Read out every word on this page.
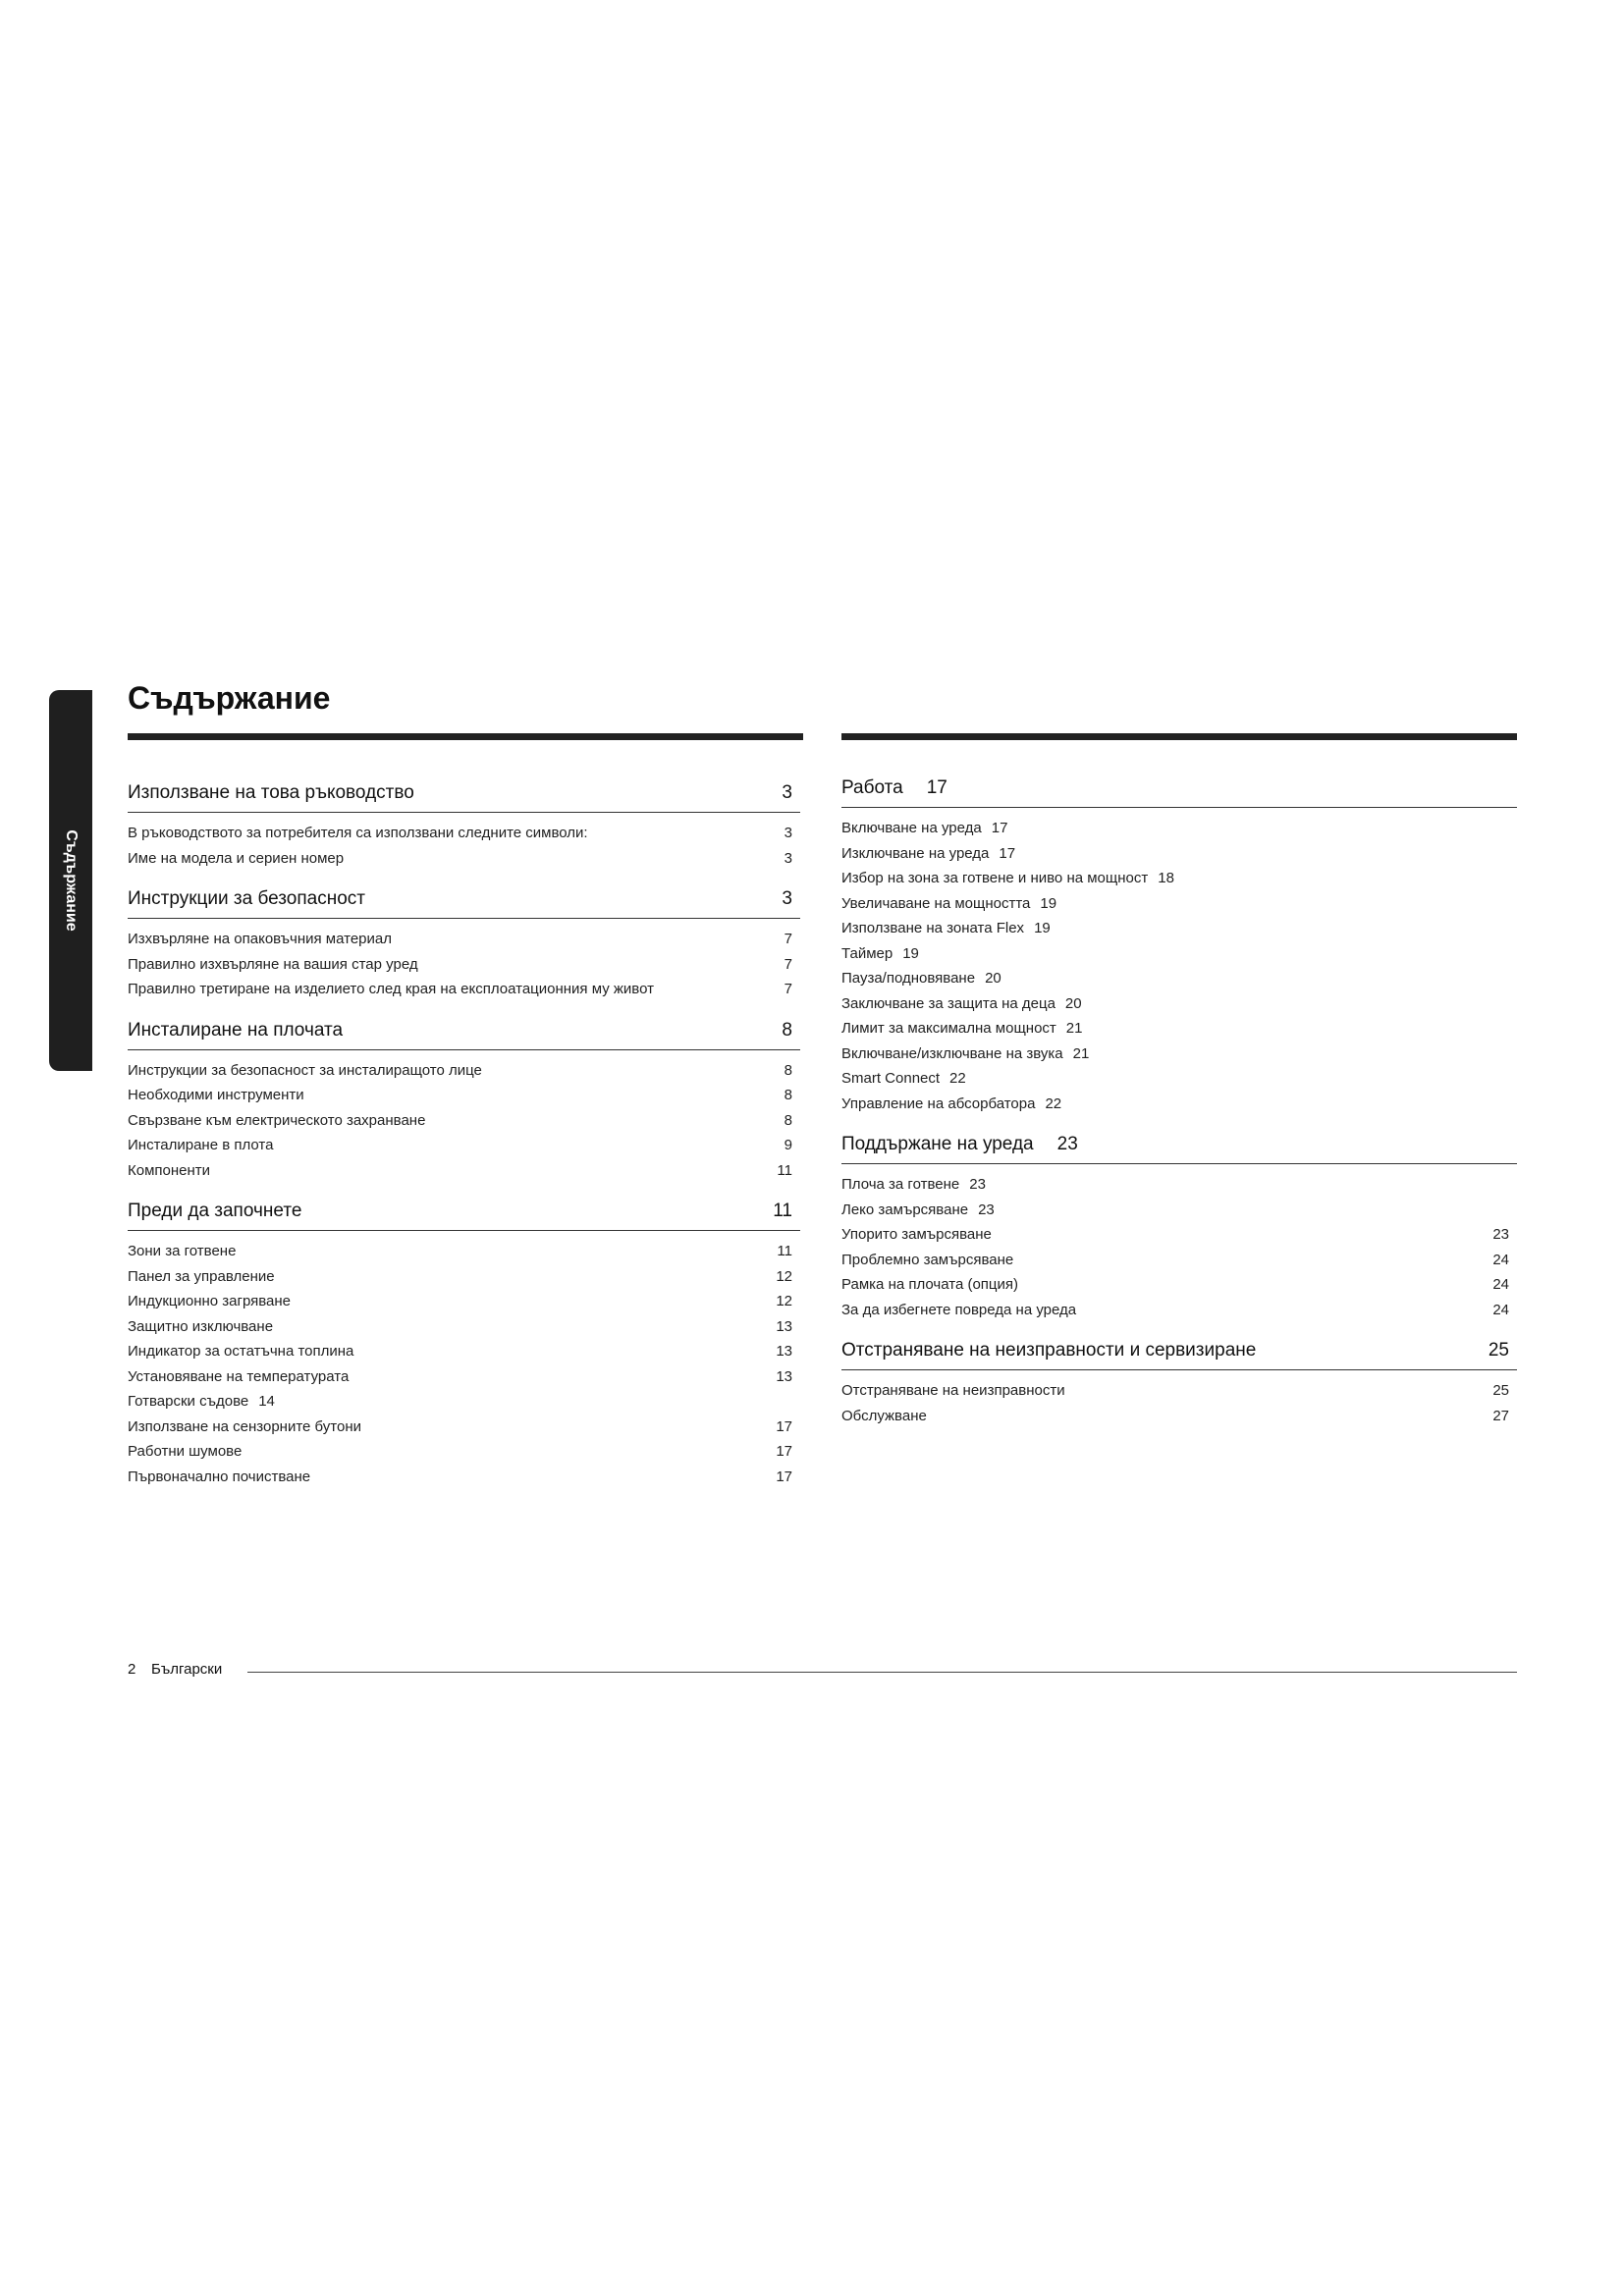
Съдържание
Съдържание
Използване на това ръководство	3
В ръководството за потребителя са използвани следните символи:	3
Име на модела и сериен номер	3
Инструкции за безопасност	3
Изхвърляне на опаковъчния материал	7
Правилно изхвърляне на вашия стар уред	7
Правилно третиране на изделието след края на експлоатационния му живот	7
Инсталиране на плочата	8
Инструкции за безопасност за инсталиращото лице	8
Необходими инструменти	8
Свързване към електрическото захранване	8
Инсталиране в плота	9
Компоненти	11
Преди да започнете	11
Зони за готвене	11
Панел за управление	12
Индукционно загряване	12
Защитно изключване	13
Индикатор за остатъчна топлина	13
Установяване на температурата	13
Готварски съдове 14
Използване на сензорните бутони	17
Работни шумове	17
Първоначално почистване	17
Работа 17
Включване на уреда 17
Изключване на уреда 17
Избор на зона за готвене и ниво на мощност 18
Увеличаване на мощността 19
Използване на зоната Flex 19
Таймер 19
Пауза/подновяване 20
Заключване за защита на деца 20
Лимит за максимална мощност 21
Включване/изключване на звука 21
Smart Connect 22
Управление на абсорбатора 22
Поддържане на уреда 23
Плоча за готвене 23
Леко замърсяване 23
Упорито замърсяване	23
Проблемно замърсяване	24
Рамка на плочата (опция)	24
За да избегнете повреда на уреда	24
Отстраняване на неизправности и сервизиране	25
Отстраняване на неизправности	25
Обслужване	27
2 Български
